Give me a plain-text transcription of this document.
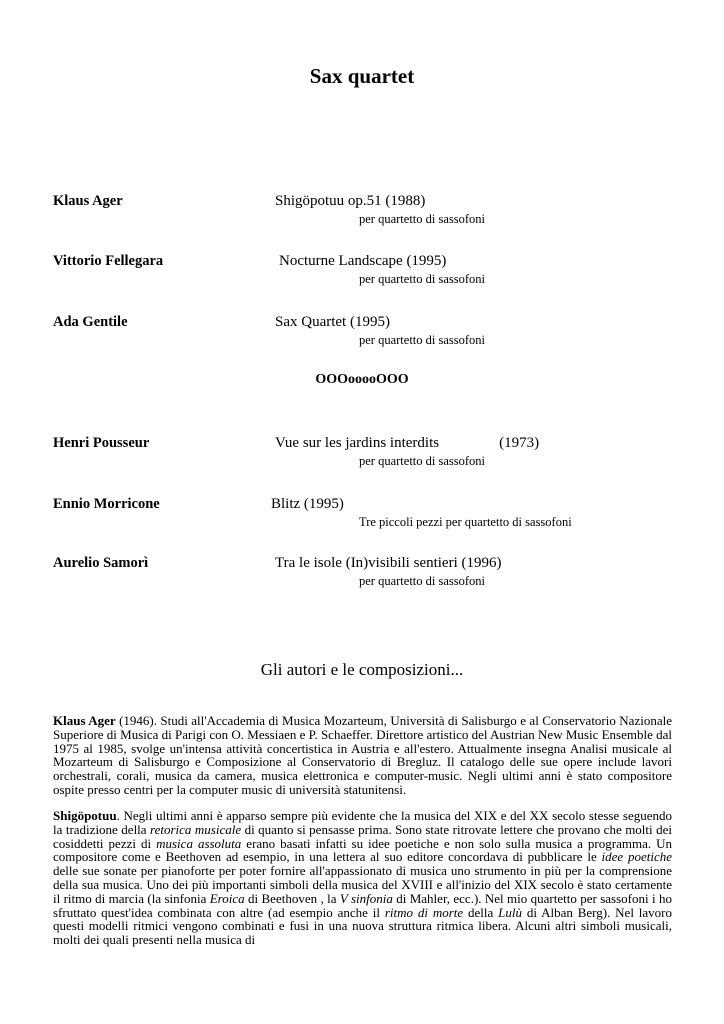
Sax quartet
Klaus Ager	Shigöpotuu op.51 (1988)
per quartetto di sassofoni
Vittorio Fellegara	Nocturne Landscape (1995)
per quartetto di sassofoni
Ada Gentile	Sax Quartet (1995)
per quartetto di sassofoni
OOOooooOOO
Henri Pousseur	Vue sur les jardins interdits	(1973)
per quartetto di sassofoni
Ennio Morricone	Blitz (1995)
Tre piccoli pezzi per quartetto di sassofoni
Aurelio Samorì	Tra le isole (In)visibili sentieri (1996)
per quartetto di sassofoni
Gli autori e le composizioni...

Klaus Ager (1946). Studi all'Accademia di Musica Mozarteum, Università di Salisburgo e al Conservatorio Nazionale Superiore di Musica di Parigi con O. Messiaen e P. Schaeffer. Direttore artistico del Austrian New Music Ensemble dal 1975 al 1985, svolge un'intensa attività concertistica in Austria e all'estero. Attualmente insegna Analisi musicale al Mozarteum di Salisburgo e Composizione al Conservatorio di Bregluz. Il catalogo delle sue opere include lavori orchestrali, corali, musica da camera, musica elettronica e computer-music. Negli ultimi anni è stato compositore ospite presso centri per la computer music di università statunitensi.

Shigöpotuu. Negli ultimi anni è apparso sempre più evidente che la musica del XIX e del XX secolo stesse seguendo la tradizione della retorica musicale di quanto si pensasse prima. Sono state ritrovate lettere che provano che molti dei cosiddetti pezzi di musica assoluta erano basati infatti su idee poetiche e non solo sulla musica a programma. Un compositore come e Beethoven ad esempio, in una lettera al suo editore concordava di pubblicare le idee poetiche delle sue sonate per pianoforte per poter fornire all'appassionato di musica uno strumento in più per la comprensione della sua musica. Uno dei più importanti simboli della musica del XVIII e all'inizio del XIX secolo è stato certamente il ritmo di marcia (la sinfonia Eroica di Beethoven , la V sinfonia di Mahler, ecc.). Nel mio quartetto per sassofoni i ho sfruttato quest'idea combinata con altre (ad esempio anche il ritmo di morte della Lulù di Alban Berg). Nel lavoro questi modelli ritmici vengono combinati e fusi in una nuova struttura ritmica libera. Alcuni altri simboli musicali, molti dei quali presenti nella musica di
